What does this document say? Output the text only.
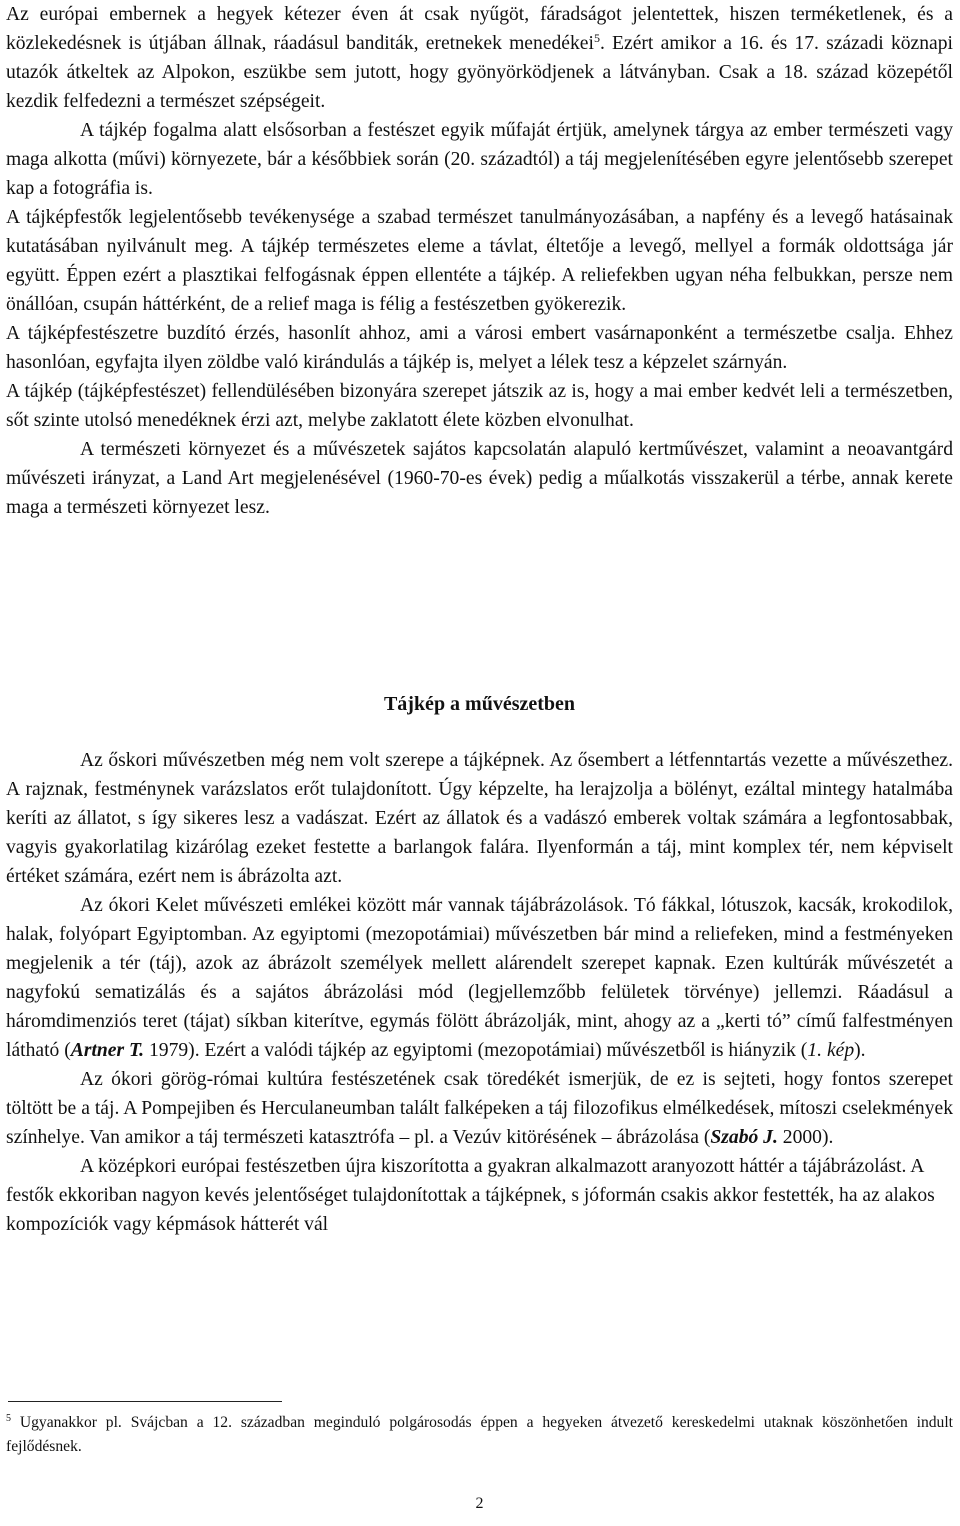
Az európai embernek a hegyek kétezer éven át csak nyűgöt, fáradságot jelentettek, hiszen terméketlenek, és a közlekedésnek is útjában állnak, ráadásul banditák, eretnekek menedékei$^5$. Ezért amikor a 16. és 17. századi köznapi utazók átkeltek az Alpokon, eszükbe sem jutott, hogy gyönyörködjenek a látványban. Csak a 18. század közepétől kezdik felfedezni a természet szépségeit.

A tájkép fogalma alatt elsősorban a festészet egyik műfaját értjük, amelynek tárgya az ember természeti vagy maga alkotta (művi) környezete, bár a későbbiek során (20. századtól) a táj megjelenítésében egyre jelentősebb szerepet kap a fotográfia is.

A tájképfestők legjelentősebb tevékenysége a szabad természet tanulmányozásában, a napfény és a levegő hatásainak kutatásában nyilvánult meg. A tájkép természetes eleme a távlat, éltetője a levegő, mellyel a formák oldottsága jár együtt. Éppen ezért a plasztikai felfogásnak éppen ellentéte a tájkép. A reliefekben ugyan néha felbukkan, persze nem önállóan, csupán háttérként, de a relief maga is félig a festészetben gyökerezik.

A tájképfestészetre buzdító érzés, hasonlít ahhoz, ami a városi embert vasárnaponként a természetbe csalja. Ehhez hasonlóan, egyfajta ilyen zöldbe való kirándulás a tájkép is, melyet a lélek tesz a képzelet szárnyán.

A tájkép (tájképfestészet) fellendülésében bizonyára szerepet játszik az is, hogy a mai ember kedvét leli a természetben, sőt szinte utolsó menedéknek érzi azt, melybe zaklatott élete közben elvonulhat.

A természeti környezet és a művészetek sajátos kapcsolatán alapuló kertművészet, valamint a neoavantgárd művészeti irányzat, a Land Art megjelenésével (1960-70-es évek) pedig a műalkotás visszakerül a térbe, annak kerete maga a természeti környezet lesz.

Tájkép a művészetben

Az őskori művészetben még nem volt szerepe a tájképnek. Az ősembert a létfenntartás vezette a művészethez. A rajznak, festménynek varázslatos erőt tulajdonított. Úgy képzelte, ha lerajzolja a bölényt, ezáltal mintegy hatalmába keríti az állatot, s így sikeres lesz a vadászat. Ezért az állatok és a vadászó emberek voltak számára a legfontosabbak, vagyis gyakorlatilag kizárólag ezeket festette a barlangok falára. Ilyenformán a táj, mint komplex tér, nem képviselt értéket számára, ezért nem is ábrázolta azt.

Az ókori Kelet művészeti emlékei között már vannak tájábrázolások. Tó fákkal, lótuszok, kacsák, krokodilok, halak, folyópart Egyiptomban. Az egyiptomi (mezopotámiai) művészetben bár mind a reliefeken, mind a festményeken megjelenik a tér (táj), azok az ábrázolt személyek mellett alárendelt szerepet kapnak. Ezen kultúrák művészetét a nagyfokú sematizálás és a sajátos ábrázolási mód (legjellemzőbb felületek törvénye) jellemzi. Ráadásul a háromdimenziós teret (tájat) síkban kiterítve, egymás fölött ábrázolják, mint, ahogy az a „kerti tó” című falfestményen látható (Artner T. 1979). Ezért a valódi tájkép az egyiptomi (mezopotámiai) művészetből is hiányzik (1. kép).

Az ókori görög-római kultúra festészetének csak töredékét ismerjük, de ez is sejteti, hogy fontos szerepet töltött be a táj. A Pompejiben és Herculaneumban talált falképeken a táj filozofikus elmélkedések, mítoszi cselekmények színhelye. Van amikor a táj természeti katasztrófa – pl. a Vezúv kitörésének – ábrázolása (Szabó J. 2000).

A középkori európai festészetben újra kiszorította a gyakran alkalmazott aranyozott háttér a tájábrázolást. A festők ekkoriban nagyon kevés jelentőséget tulajdonítottak a tájképnek, s jóformán csakis akkor festették, ha az alakos kompozíciók vagy képmások hátterét vál

$^5$ Ugyanakkor pl. Svájcban a 12. században meginduló polgárosodás éppen a hegyeken átvezető kereskedelmi utaknak köszönhetően indult fejlődésnek.

2
